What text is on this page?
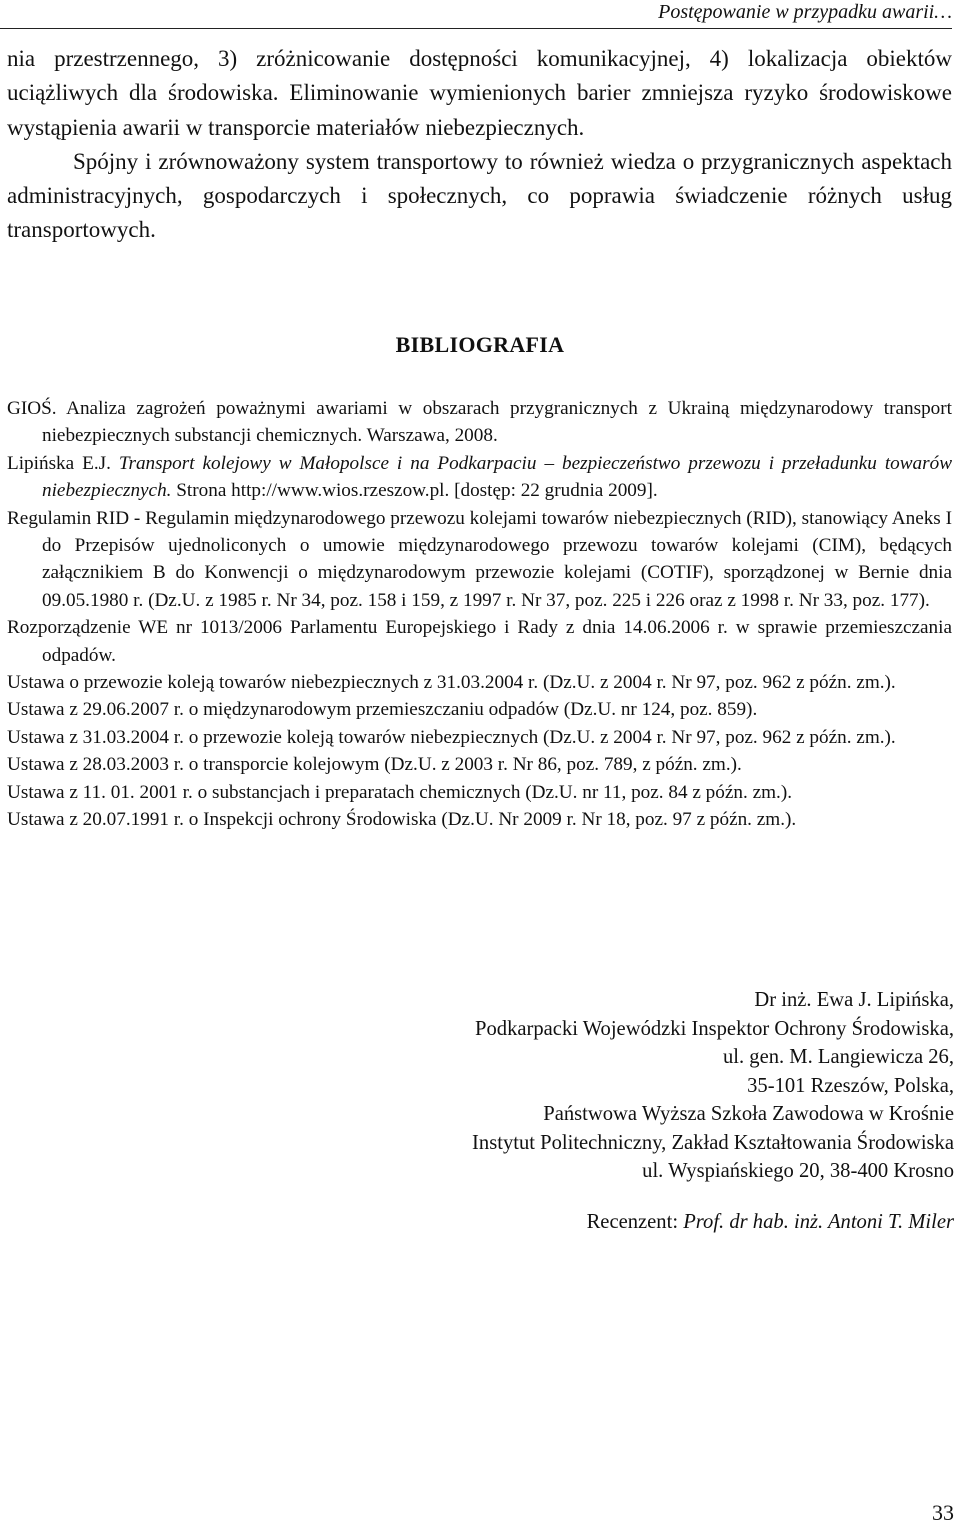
Postępowanie w przypadku awarii…

nia przestrzennego, 3) zróżnicowanie dostępności komunikacyjnej, 4) lokalizacja obiektów uciążliwych dla środowiska. Eliminowanie wymienionych barier zmniejsza ryzyko środowiskowe wystąpienia awarii w transporcie materiałów niebezpiecznych.

Spójny i zrównoważony system transportowy to również wiedza o przygranicznych aspektach administracyjnych, gospodarczych i społecznych, co poprawia świadczenie różnych usług transportowych.

BIBLIOGRAFIA
GIOŚ. Analiza zagrożeń poważnymi awariami w obszarach przygranicznych z Ukrainą międzynarodowy transport niebezpiecznych substancji chemicznych. Warszawa, 2008.
Lipińska E.J. Transport kolejowy w Małopolsce i na Podkarpaciu – bezpieczeństwo przewozu i przeładunku towarów niebezpiecznych. Strona http://www.wios.rzeszow.pl. [dostęp: 22 grudnia 2009].
Regulamin RID - Regulamin międzynarodowego przewozu kolejami towarów niebezpiecznych (RID), stanowiący Aneks I do Przepisów ujednoliconych o umowie międzynarodowego przewozu towarów kolejami (CIM), będących załącznikiem B do Konwencji o międzynarodowym przewozie kolejami (COTIF), sporządzonej w Bernie dnia 09.05.1980 r. (Dz.U. z 1985 r. Nr 34, poz. 158 i 159, z 1997 r. Nr 37, poz. 225 i 226 oraz z 1998 r. Nr 33, poz. 177).
Rozporządzenie WE nr 1013/2006 Parlamentu Europejskiego i Rady z dnia 14.06.2006 r. w sprawie przemieszczania odpadów.
Ustawa o przewozie koleją towarów niebezpiecznych z 31.03.2004 r. (Dz.U. z 2004 r. Nr 97, poz. 962 z późn. zm.).
Ustawa z 29.06.2007 r. o międzynarodowym przemieszczaniu odpadów (Dz.U. nr 124, poz. 859).
Ustawa z 31.03.2004 r. o przewozie koleją towarów niebezpiecznych (Dz.U. z 2004 r. Nr 97, poz. 962 z późn. zm.).
Ustawa z 28.03.2003 r. o transporcie kolejowym (Dz.U. z 2003 r. Nr 86, poz. 789, z późn. zm.).
Ustawa z 11. 01. 2001 r. o substancjach i preparatach chemicznych (Dz.U. nr 11, poz. 84 z późn. zm.).
Ustawa z 20.07.1991 r. o Inspekcji ochrony Środowiska (Dz.U. Nr 2009 r. Nr 18, poz. 97 z późn. zm.).
Dr inż. Ewa J. Lipińska,
Podkarpacki Wojewódzki Inspektor Ochrony Środowiska,
ul. gen. M. Langiewicza 26,
35-101 Rzeszów, Polska,
Państwowa Wyższa Szkoła Zawodowa w Krośnie
Instytut Politechniczny, Zakład Kształtowania Środowiska
ul. Wyspiańskiego 20, 38-400 Krosno
Recenzent: Prof. dr hab. inż. Antoni T. Miler
33
